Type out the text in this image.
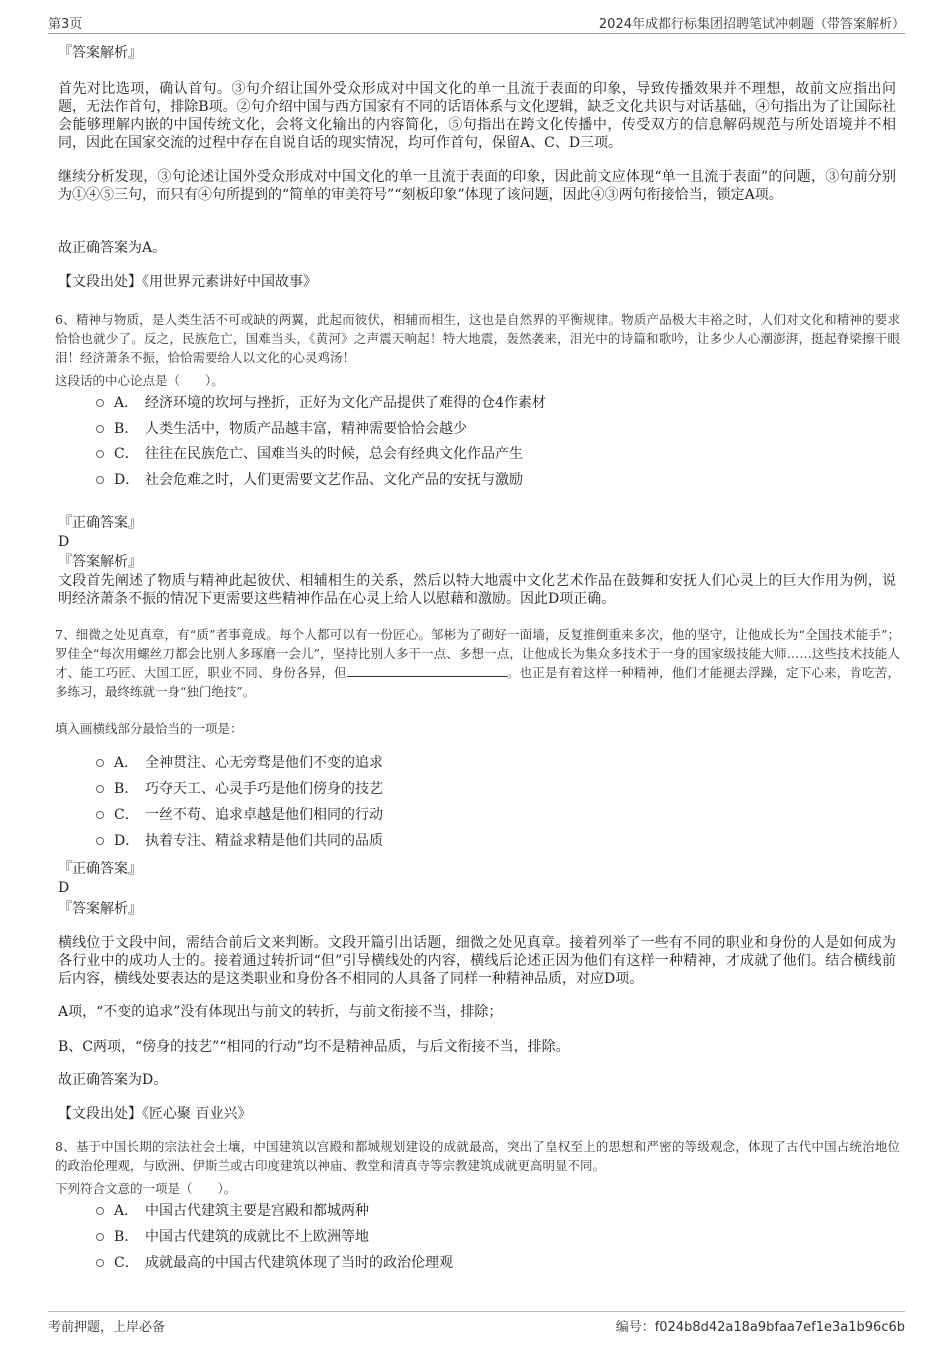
第3页	2024年成都行标集团招聘笔试冲刺题（带答案解析）
『答案解析』

首先对比选项，确认首句。③句介绍让国外受众形成对中国文化的单一且流于表面的印象，导致传播效果并不理想，故前文应指出问题，无法作首句，排除B项。②句介绍中国与西方国家有不同的话语体系与文化逻辑，缺乏文化共识与对话基础，④句指出为了让国际社会能够理解内嵌的中国传统文化，会将文化输出的内容简化，⑤句指出在跨文化传播中，传受双方的信息解码规范与所处语境并不相同，因此在国家交流的过程中存在自说自话的现实情况，均可作首句，保留A、C、D三项。

继续分析发现，③句论述让国外受众形成对中国文化的单一且流于表面的印象，因此前文应体现“单一且流于表面”的问题，③句前分别为①④⑤三句，而只有④句所提到的“简单的审美符号”“刻板印象”体现了该问题，因此④③两句衔接恰当，锁定A项。

故正确答案为A。

【文段出处】《用世界元素讲好中国故事》

6、精神与物质，是人类生活不可或缺的两翼，此起而彼伏，相辅而相生，这也是自然界的平衡规律。物质产品极大丰裕之时，人们对文化和精神的要求恰恰也就少了。反之，民族危亡，国难当头，《黄河》之声震天响起！特大地震，轰然袭来，泪光中的诗篇和歌吟，让多少人心潮澎湃，挺起脊梁擦干眼泪！经济萧条不振，恰恰需要给人以文化的心灵鸡汤！

这段话的中心论点是（　　）。

A． 经济环境的坎坷与挫折，正好为文化产品提供了难得的仓4作素材
B． 人类生活中，物质产品越丰富，精神需要恰恰会越少
C． 往往在民族危亡、国难当头的时候，总会有经典文化作品产生
D． 社会危难之时，人们更需要文艺作品、文化产品的安抚与激励
『正确答案』
D
『答案解析』

文段首先阐述了物质与精神此起彼伏、相辅相生的关系，然后以特大地震中文化艺术作品在鼓舞和安抚人们心灵上的巨大作用为例，说明经济萧条不振的情况下更需要这些精神作品在心灵上给人以慰藉和激励。因此D项正确。

7、细微之处见真章，有“质”者事竟成。每个人都可以有一份匠心。邹彬为了砌好一面墙，反复推倒重来多次，他的坚守，让他成长为“全国技术能手”；罗佳全“每次用螺丝刀都会比别人多琢磨一会儿”，坚持比别人多干一点、多想一点，让他成长为集众多技术于一身的国家级技能大师……这些技术技能人才、能工巧匠、大国工匠，职业不同、身份各异，但	。也正是有着这样一种精神，他们才能褪去浮躁，定下心来，肯吃苦，多练习，最终练就一身“独门绝技”。

填入画横线部分最恰当的一项是：

A． 全神贯注、心无旁骛是他们不变的追求
B． 巧夺天工、心灵手巧是他们傍身的技艺
C． 一丝不苟、追求卓越是他们相同的行动
D． 执着专注、精益求精是他们共同的品质
『正确答案』
D
『答案解析』

横线位于文段中间，需结合前后文来判断。文段开篇引出话题，细微之处见真章。接着列举了一些有不同的职业和身份的人是如何成为各行业中的成功人士的。接着通过转折词“但”引导横线处的内容，横线后论述正因为他们有这样一种精神，才成就了他们。结合横线前后内容，横线处要表达的是这类职业和身份各不相同的人具备了同样一种精神品质，对应D项。

A项，“不变的追求”没有体现出与前文的转折，与前文衔接不当，排除；

B、C两项，“傍身的技艺”“相同的行动”均不是精神品质，与后文衔接不当，排除。

故正确答案为D。

【文段出处】《匠心聚 百业兴》

8、基于中国长期的宗法社会土壤，中国建筑以宫殿和都城规划建设的成就最高，突出了皇权至上的思想和严密的等级观念，体现了古代中国占统治地位的政治伦理观，与欧洲、伊斯兰或古印度建筑以神庙、教堂和清真寺等宗教建筑成就更高明显不同。

下列符合文意的一项是（　　）。

A． 中国古代建筑主要是宫殿和都城两种
B． 中国古代建筑的成就比不上欧洲等地
C． 成就最高的中国古代建筑体现了当时的政治伦理观
考前押题，上岸必备	编号：f024b8d42a18a9bfaa7ef1e3a1b96c6b
